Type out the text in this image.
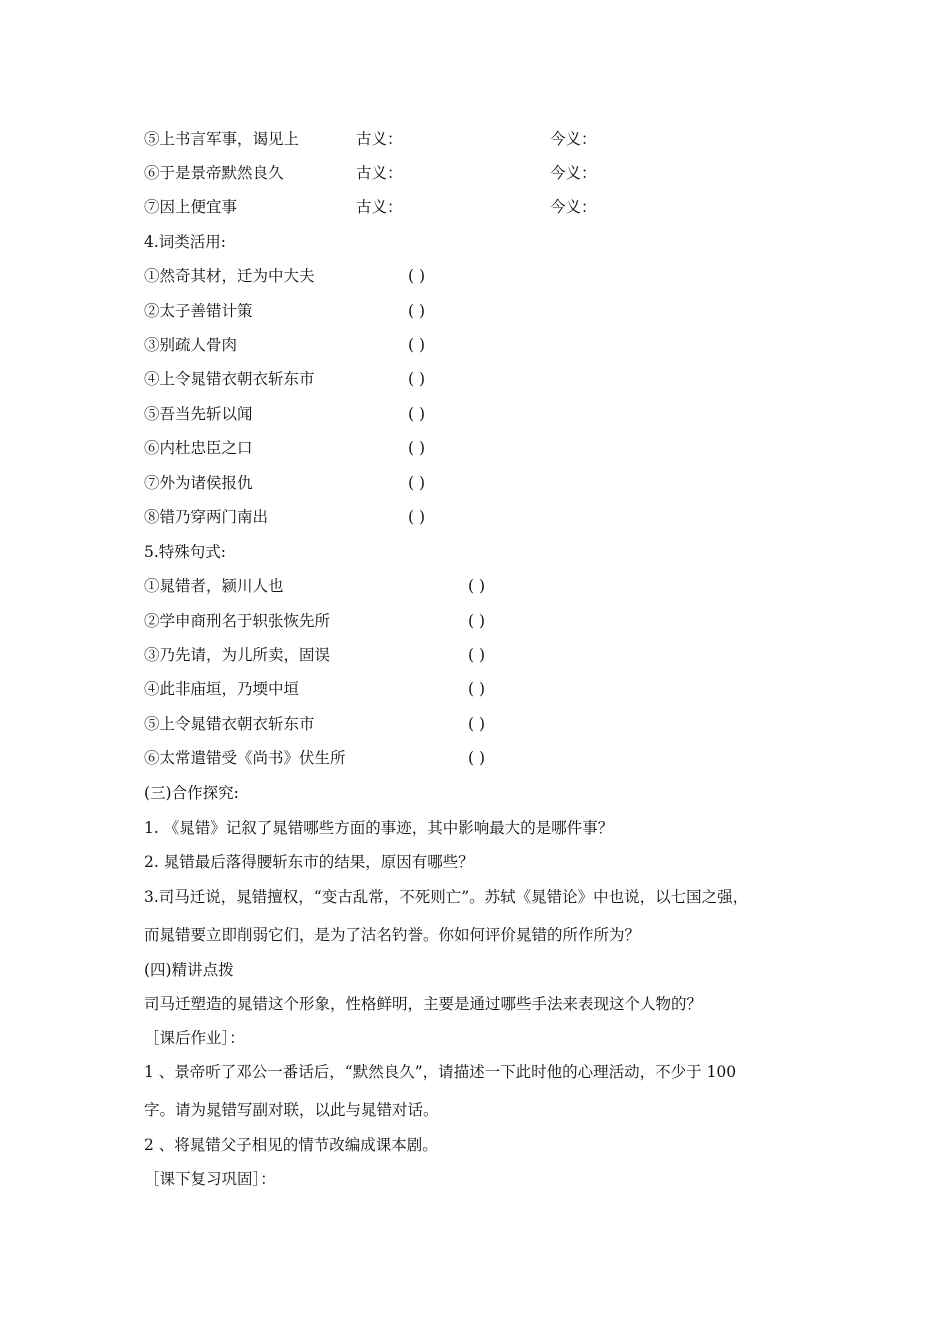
⑤上书言军事，谒见上	古义：	今义：
⑥于是景帝默然良久	古义：	今义：
⑦因上便宜事	古义：	今义：
4.词类活用:
①然奇其材，迁为中大夫	( )
②太子善错计策	( )
③别疏人骨肉	( )
④上令晁错衣朝衣斩东市	( )
⑤吾当先斩以闻	( )
⑥内杜忠臣之口	( )
⑦外为诸侯报仇	( )
⑧错乃穿两门南出	( )
5.特殊句式:
①晁错者，颍川人也	( )
②学申商刑名于轵张恢先所	( )
③乃先请，为儿所卖，固误	( )
④此非庙垣，乃堧中垣	( )
⑤上令晁错衣朝衣斩东市	( )
⑥太常遣错受《尚书》伏生所	( )
(三)合作探究:
1. 《晁错》记叙了晁错哪些方面的事迹，其中影响最大的是哪件事？
2. 晁错最后落得腰斩东市的结果，原因有哪些？
3.司马迁说，晁错擅权，“变古乱常，不死则亡”。苏轼《晁错论》中也说，以七国之强，
而晁错要立即削弱它们，是为了沽名钓誉。你如何评价晁错的所作所为？
(四)精讲点拨
司马迁塑造的晁错这个形象，性格鲜明，主要是通过哪些手法来表现这个人物的？
［课后作业］：
1 、景帝听了邓公一番话后，“默然良久”，请描述一下此时他的心理活动，不少于 100
字。请为晁错写副对联，以此与晁错对话。
2 、将晁错父子相见的情节改编成课本剧。
［课下复习巩固］：
